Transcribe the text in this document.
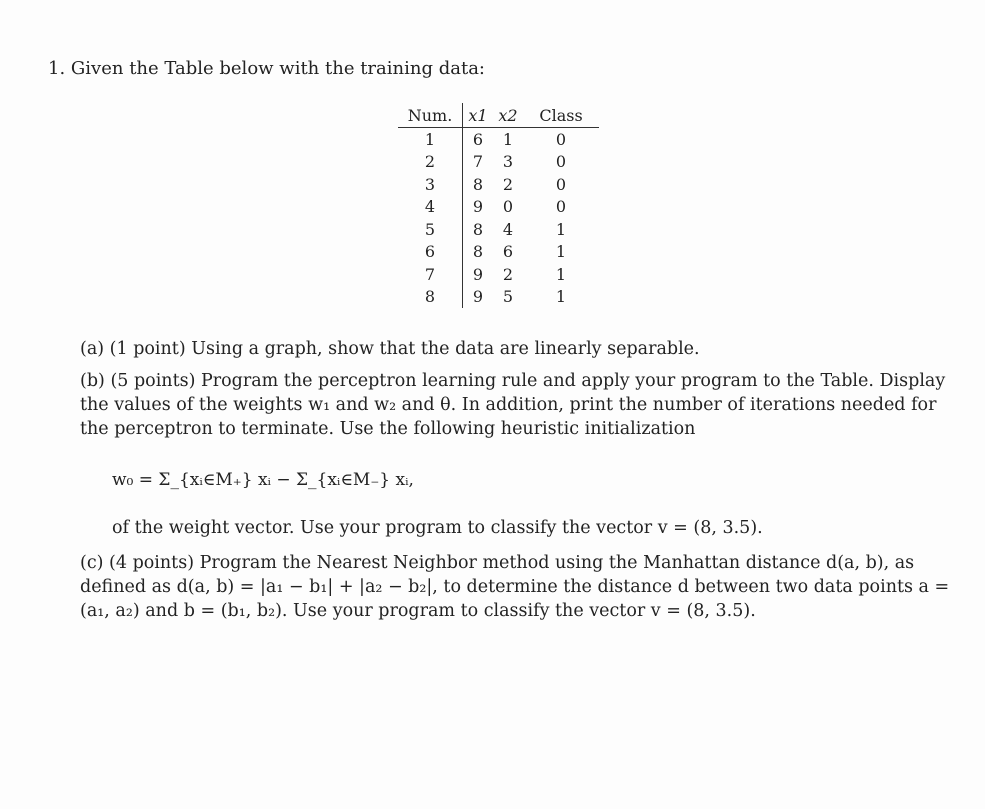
1. Given the Table below with the training data:
Num.	x1	x2	Class
1	6	1	0
2	7	3	0
3	8	2	0
4	9	0	0
5	8	4	1
6	8	6	1
7	9	2	1
8	9	5	1
(a) (1 point) Using a graph, show that the data are linearly separable.
(b) (5 points) Program the perceptron learning rule and apply your program to the Table. Display the values of the weights w₁ and w₂ and θ. In addition, print the number of iterations needed for the perceptron to terminate. Use the following heuristic initialization
w₀ = Σ_{xᵢ∈M₊} xᵢ − Σ_{xᵢ∈M₋} xᵢ,
of the weight vector. Use your program to classify the vector v = (8, 3.5).
(c) (4 points) Program the Nearest Neighbor method using the Manhattan distance d(a, b), as defined as d(a, b) = |a₁ − b₁| + |a₂ − b₂|, to determine the distance d between two data points a = (a₁, a₂) and b = (b₁, b₂). Use your program to classify the vector v = (8, 3.5).
